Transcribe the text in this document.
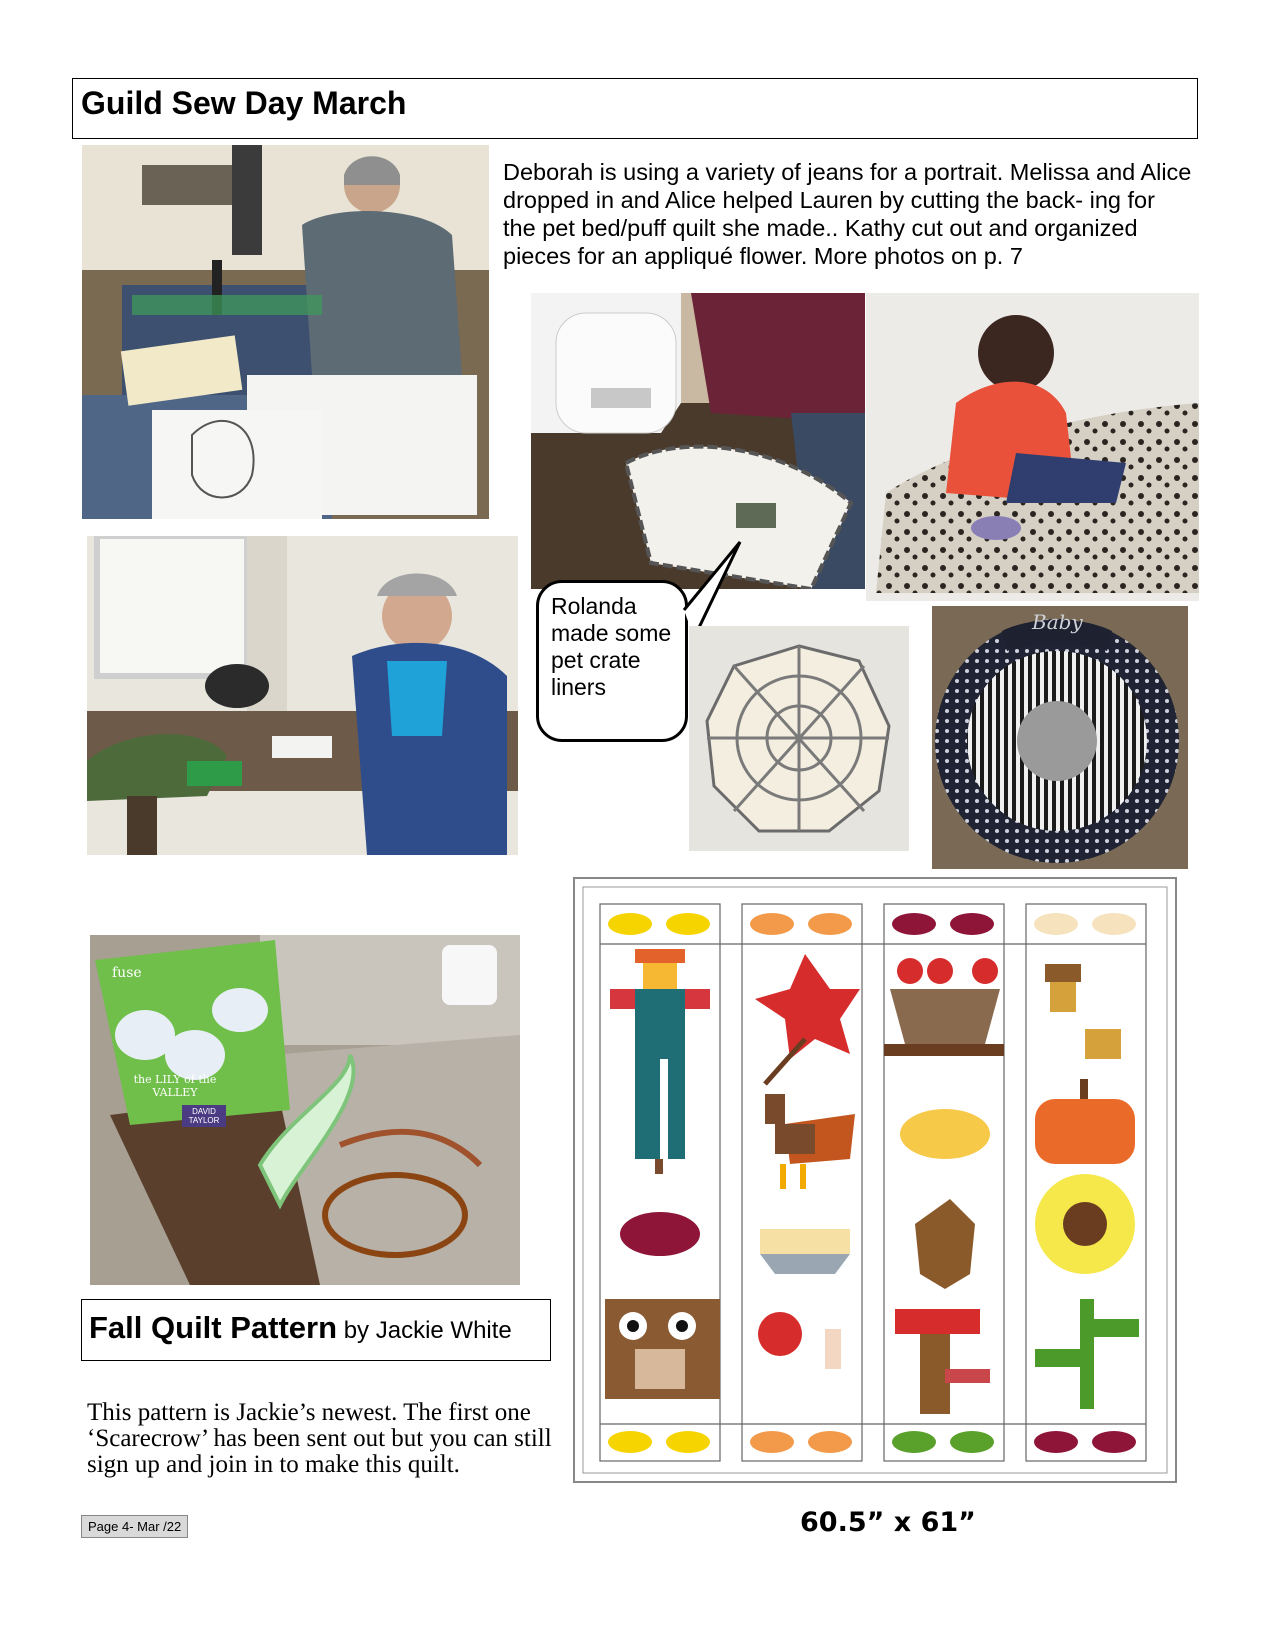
Guild Sew Day March
Deborah is using a variety of jeans for a portrait. Melissa and Alice dropped in and Alice helped Lauren by cutting the back- ing for the pet bed/puff quilt she made.. Kathy cut out and organized pieces for an appliqué flower. More photos on p. 7
Rolanda made some pet crate liners
Baby
60.5” x 61”
fuse
the LILY of the VALLEY
DAVID TAYLOR
Fall Quilt Pattern by Jackie White
This pattern is Jackie’s newest. The first one ‘Scarecrow’ has been sent out but you can still sign up and join in to make this quilt.
Page 4- Mar /22
